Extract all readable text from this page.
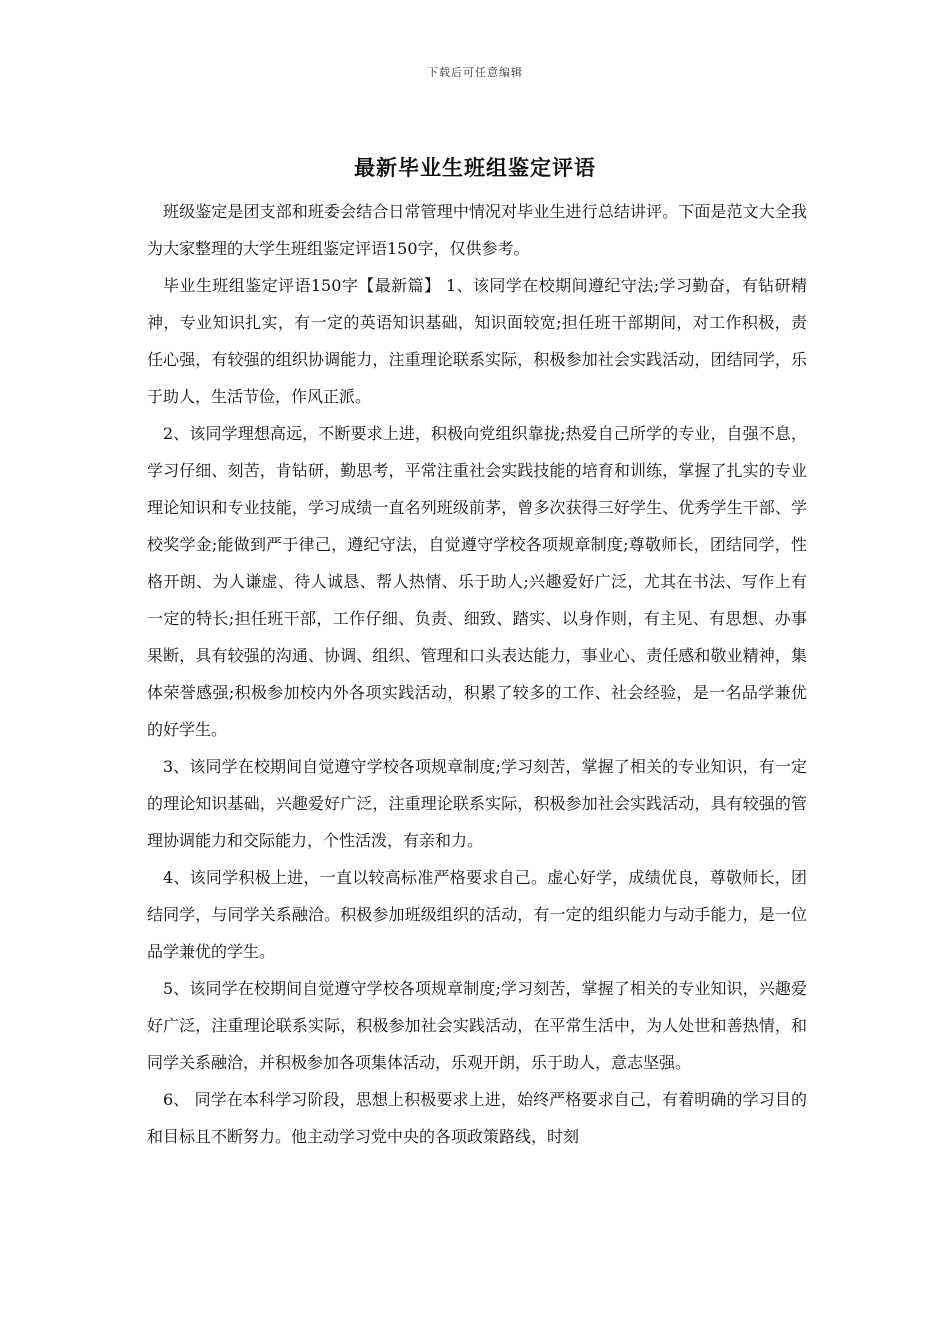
下载后可任意编辑
最新毕业生班组鉴定评语

班级鉴定是团支部和班委会结合日常管理中情况对毕业生进行总结讲评。下面是范文大全我为大家整理的大学生班组鉴定评语150字，仅供参考。

毕业生班组鉴定评语150字【最新篇】 1、该同学在校期间遵纪守法;学习勤奋，有钻研精神，专业知识扎实，有一定的英语知识基础，知识面较宽;担任班干部期间，对工作积极，责任心强，有较强的组织协调能力，注重理论联系实际，积极参加社会实践活动，团结同学，乐于助人，生活节俭，作风正派。

2、该同学理想高远，不断要求上进，积极向党组织靠拢;热爱自己所学的专业，自强不息，学习仔细、刻苦，肯钻研，勤思考，平常注重社会实践技能的培育和训练，掌握了扎实的专业理论知识和专业技能，学习成绩一直名列班级前茅，曾多次获得三好学生、优秀学生干部、学校奖学金;能做到严于律己，遵纪守法，自觉遵守学校各项规章制度;尊敬师长，团结同学，性格开朗、为人谦虚、待人诚恳、帮人热情、乐于助人;兴趣爱好广泛，尤其在书法、写作上有一定的特长;担任班干部，工作仔细、负责、细致、踏实、以身作则，有主见、有思想、办事果断，具有较强的沟通、协调、组织、管理和口头表达能力，事业心、责任感和敬业精神，集体荣誉感强;积极参加校内外各项实践活动，积累了较多的工作、社会经验，是一名品学兼优的好学生。

3、该同学在校期间自觉遵守学校各项规章制度;学习刻苦，掌握了相关的专业知识，有一定的理论知识基础，兴趣爱好广泛，注重理论联系实际，积极参加社会实践活动，具有较强的管理协调能力和交际能力，个性活泼，有亲和力。

4、该同学积极上进，一直以较高标准严格要求自己。虚心好学，成绩优良，尊敬师长，团结同学，与同学关系融洽。积极参加班级组织的活动，有一定的组织能力与动手能力，是一位品学兼优的学生。

5、该同学在校期间自觉遵守学校各项规章制度;学习刻苦，掌握了相关的专业知识，兴趣爱好广泛，注重理论联系实际，积极参加社会实践活动，在平常生活中，为人处世和善热情，和同学关系融洽，并积极参加各项集体活动，乐观开朗，乐于助人，意志坚强。

6、 同学在本科学习阶段，思想上积极要求上进，始终严格要求自己，有着明确的学习目的和目标且不断努力。他主动学习党中央的各项政策路线，时刻
